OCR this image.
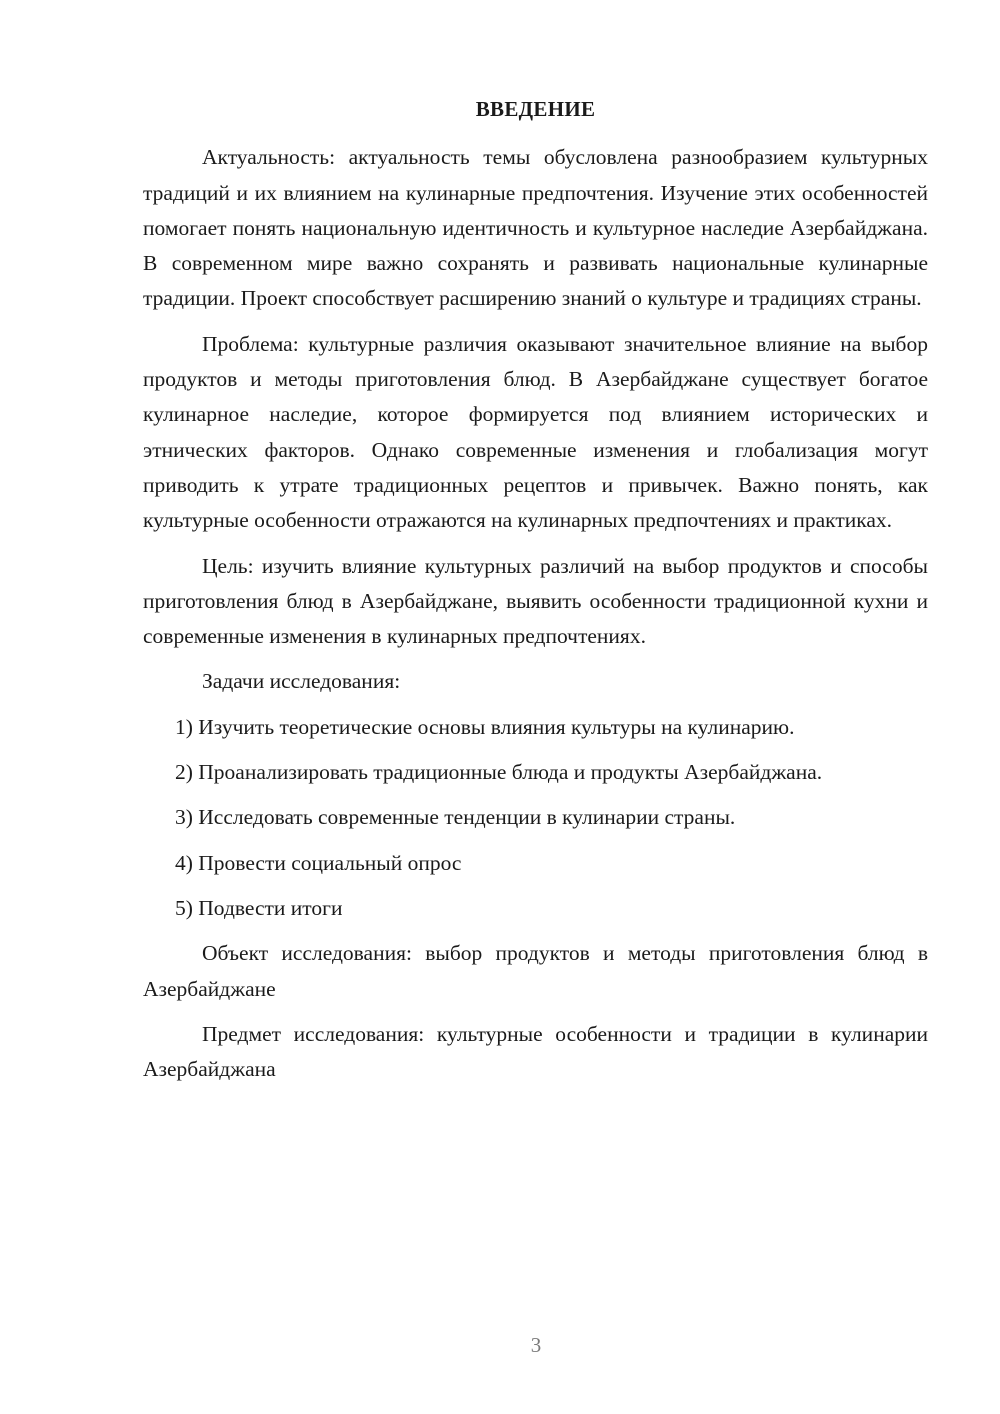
ВВЕДЕНИЕ

Актуальность: актуальность темы обусловлена разнообразием культурных традиций и их влиянием на кулинарные предпочтения. Изучение этих особенностей помогает понять национальную идентичность и культурное наследие Азербайджана. В современном мире важно сохранять и развивать национальные кулинарные традиции. Проект способствует расширению знаний о культуре и традициях страны.

Проблема: культурные различия оказывают значительное влияние на выбор продуктов и методы приготовления блюд. В Азербайджане существует богатое кулинарное наследие, которое формируется под влиянием исторических и этнических факторов. Однако современные изменения и глобализация могут приводить к утрате традиционных рецептов и привычек. Важно понять, как культурные особенности отражаются на кулинарных предпочтениях и практиках.

Цель: изучить влияние культурных различий на выбор продуктов и способы приготовления блюд в Азербайджане, выявить особенности традиционной кухни и современные изменения в кулинарных предпочтениях.

Задачи исследования:

1) Изучить теоретические основы влияния культуры на кулинарию.

2) Проанализировать традиционные блюда и продукты Азербайджана.

3) Исследовать современные тенденции в кулинарии страны.

4) Провести социальный опрос

5) Подвести итоги

Объект исследования: выбор продуктов и методы приготовления блюд в Азербайджане

Предмет исследования: культурные особенности и традиции в кулинарии Азербайджана

3
